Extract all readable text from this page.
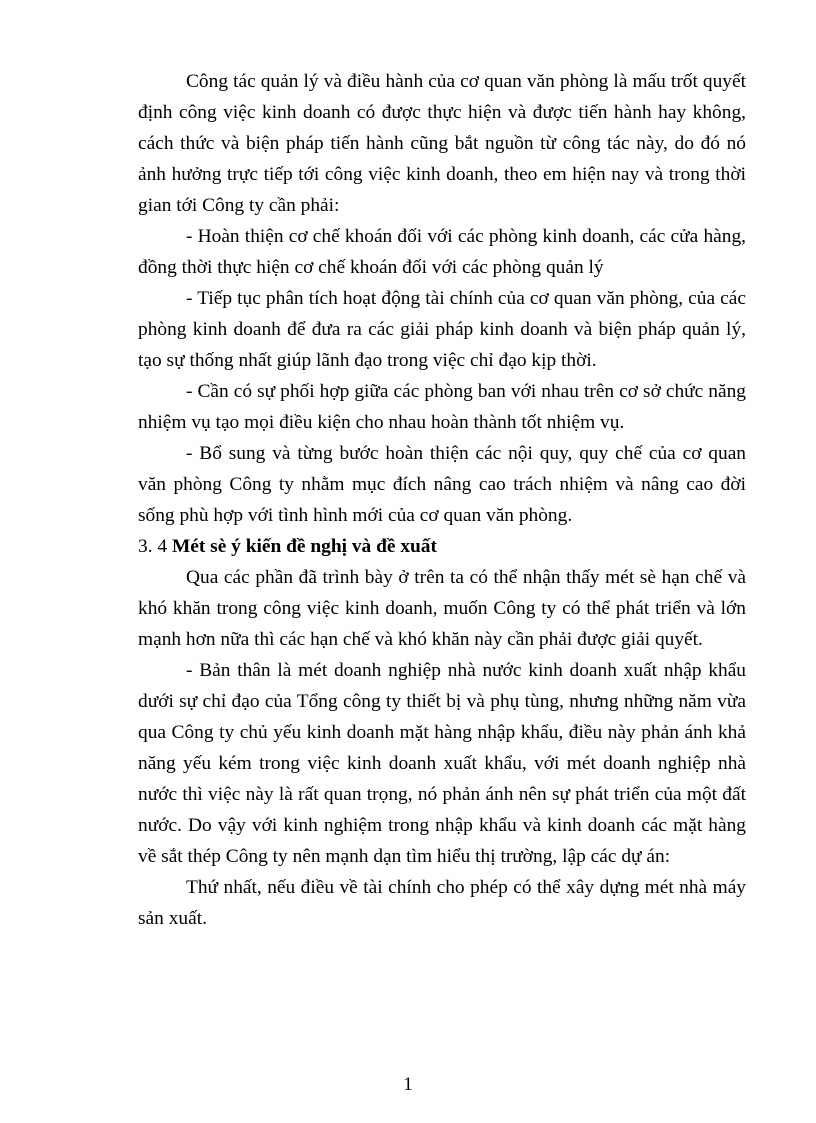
Công tác quản lý và điều hành của cơ quan văn phòng là mấu trốt quyết định công việc kinh doanh có được thực hiện và được tiến hành hay không, cách thức và biện pháp tiến hành cũng bắt nguồn từ công tác này, do đó nó ảnh hưởng trực tiếp tới công việc kinh doanh, theo em hiện nay và trong thời gian tới Công ty cần phải:

- Hoàn thiện cơ chế khoán đối với các phòng kinh doanh, các cửa hàng, đồng thời thực hiện cơ chế khoán đối với các phòng quản lý

- Tiếp tục phân tích hoạt động tài chính của cơ quan văn phòng, của các phòng kinh doanh để đưa ra các giải pháp kinh doanh và biện pháp quản lý, tạo sự thống nhất giúp lãnh đạo trong việc chỉ đạo kịp thời.

- Cần có sự phối hợp giữa các phòng ban với nhau trên cơ sở chức năng nhiệm vụ tạo mọi điều kiện cho nhau hoàn thành tốt nhiệm vụ.

- Bổ sung và từng bước hoàn thiện các nội quy, quy chế của cơ quan văn phòng Công ty nhằm mục đích nâng cao trách nhiệm và nâng cao đời sống phù hợp với tình hình mới của cơ quan văn phòng.

3. 4 Mét sè ý kiến đề nghị và đề xuất

Qua các phần đã trình bày ở trên ta có thể nhận thấy mét sè hạn chế và khó khăn trong công việc kinh doanh, muốn Công ty có thể phát triển và lớn mạnh hơn nữa thì các hạn chế và khó khăn này cần phải được giải quyết.

- Bản thân là mét doanh nghiệp nhà nước kinh doanh xuất nhập khẩu dưới sự chỉ đạo của Tổng công ty thiết bị và phụ tùng, nhưng những năm vừa qua Công ty chủ yếu kinh doanh mặt hàng nhập khẩu, điều này phản ánh khả năng yếu kém trong việc kinh doanh xuất khẩu, với mét doanh nghiệp nhà nước thì việc này là rất quan trọng, nó phản ánh nên sự phát triển của một đất nước. Do vậy với kinh nghiệm trong nhập khẩu và kinh doanh các mặt hàng về sắt thép Công ty nên mạnh dạn tìm hiểu thị trường, lập các dự án:

Thứ nhất, nếu điều về tài chính cho phép có thể xây dựng mét nhà máy sản xuất.

1
